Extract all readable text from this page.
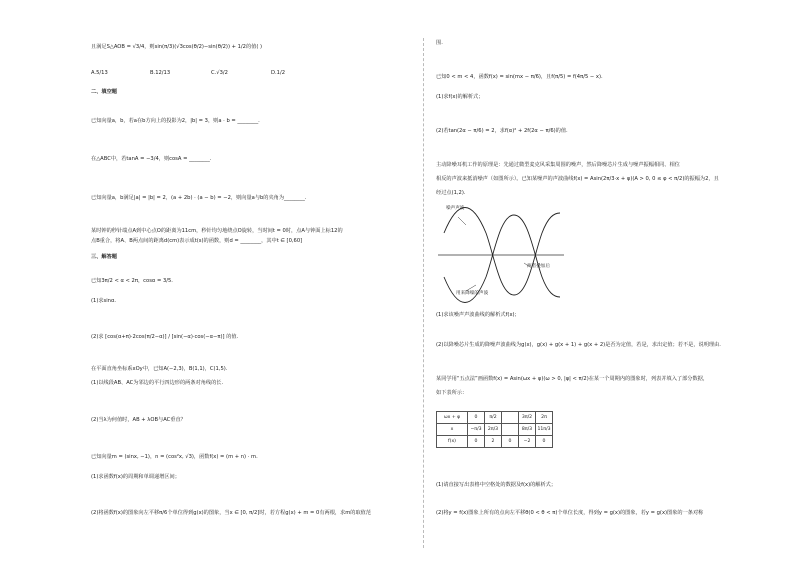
且满足S△AOB = √3/4，则sin(π/3)(√3cos(θ/2)−sin(θ/2)) + 1/2的值( )
A.5/13	B.12/13	C.√3/2	D.1/2
二、填空题
已知向量a，b，若a在b方向上的投影为2，|b| = 3，则a · b = ________.
在△ABC中，若tanA = −3/4，则cosA = ________.
已知向量a，b满足|a| = |b| = 2，(a + 2b) · (a − b) = −2，则向量a与b的夹角为________.
某时钟的秒针端点A到中心点O的距离为11cm，秒针均匀地绕点O旋转，当时间t = 0时，点A与钟面上标12的
点B重合，将A、B两点间的距离d(cm)表示成t(s)的函数，则d = ________，其中t ∈ [0,60]
三、解答题
已知3π/2 < α < 2π，cosα = 3/5.
(1)求sinα.
(2)求 [cos(α+π)·2cos(π/2−α)] / [sin(−α)·cos(−α−π)] 的值.
在平面直角坐标系xOy中，已知A(−2,3)，B(1,1)，C(1,5).
(1)以线段AB、AC为邻边的平行四边形的两条对角线的长.
(2)当λ为何值时，AB + λOB与AC垂直？
已知向量m = (sinx, −1)，n = (cos²x, √3)，函数f(x) = (m + n) · m.
(1)求函数f(x)的周期和单调递增区间；
(2)将函数f(x)的图象向左平移π/6个单位得到g(x)的图象，当x ∈ [0, π/2]时，若方程g(x) + m = 0有两根，求m的取值范
围.
已知0 < m < 4，函数f(x) = sin(mx − π/6)，且f(π/5) = f(4π/5 − x).
(1)求f(x)的解析式；
(2)若tan(2α − π/6) = 2，求f(α)² + 2f(2α − π/6)的值.
主动降噪耳机工作的原理是：先通过微型麦克风采集周围的噪声，然后降噪芯片生成与噪声振幅相同、相位
相反的声波来抵消噪声（如图所示）。已知某噪声的声波曲线f(x) = Asin(2π/3·x + φ)(A > 0, 0 ≤ φ < π/2)的振幅为2，且
经过点(1,2).
噪声声波
两者叠加后
用来降噪的声波
(1)求该噪声声波曲线的解析式f(x)；
(2)以降噪芯片生成的降噪声波曲线为g(x)，g(x) + g(x + 1) + g(x + 2)是否为定值，若是，求出定值；若不是，说明理由.
某同学用“五点法”画函数f(x) = Asin(ωx + φ)(ω > 0, |φ| < π/2)在某一个周期内的图象时，列表并填入了部分数据，
如下表所示：
ωx + φ	0	π/2		3π/2	2π
x	−π/3	2π/3		8π/3	11π/3
f(x)	0	2	0	−2	0
(1)请直接写出表格中空格处的数据及f(x)的解析式；
(2)将y = f(x)图象上所有的点向左平移θ(0 < θ < π)个单位长度，得到y = g(x)的图象，若y = g(x)图象的一条对称
